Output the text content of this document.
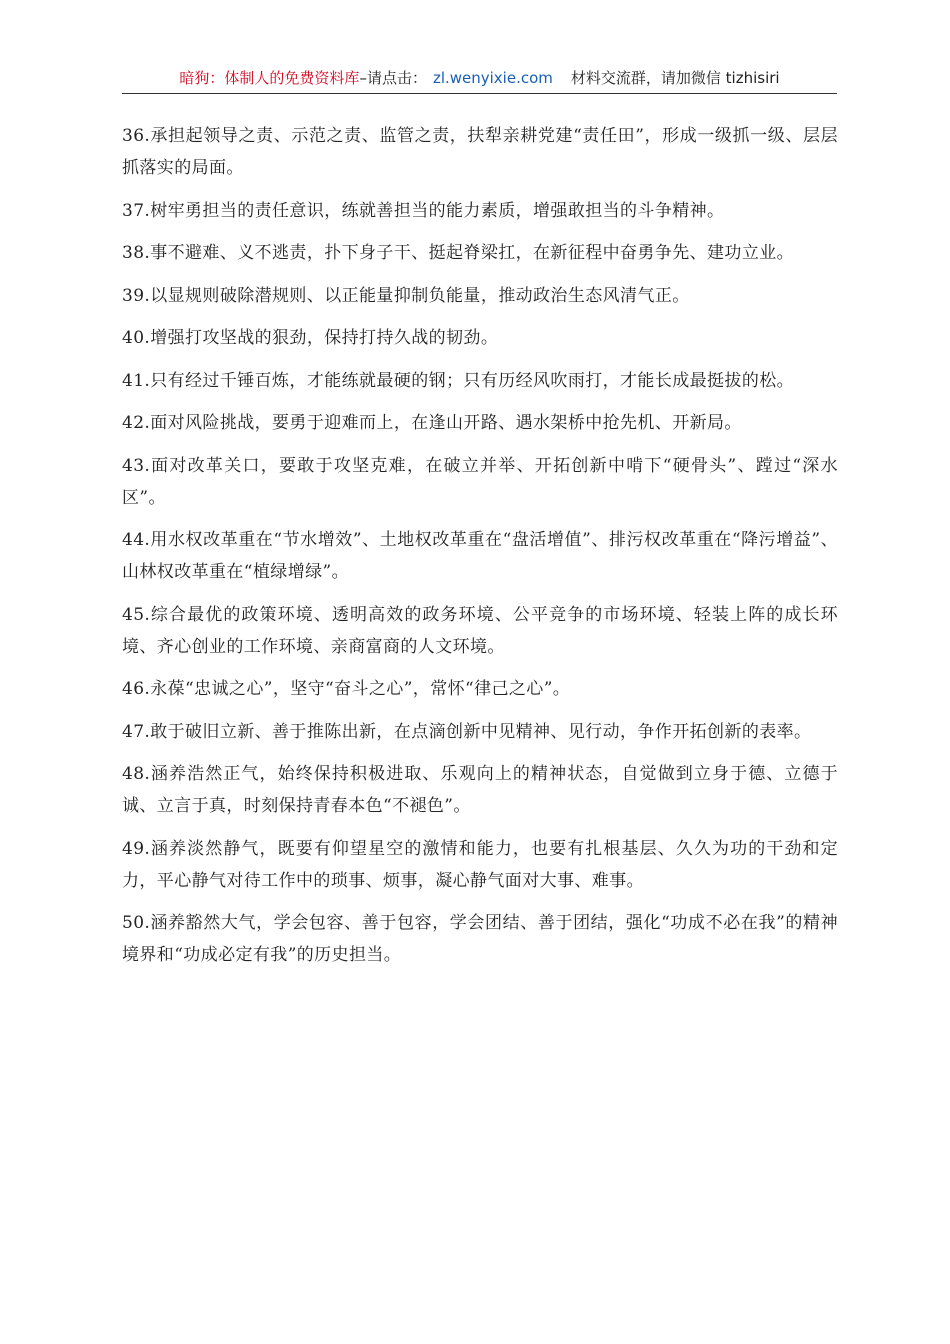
暗狗：体制人的免费资料库 –请点击： zl.wenyixie.com 材料交流群，请加微信 tizhisiri

36.承担起领导之责、示范之责、监管之责，扶犁亲耕党建“责任田”，形成一级抓一级、层层抓落实的局面。

37.树牢勇担当的责任意识，练就善担当的能力素质，增强敢担当的斗争精神。

38.事不避难、义不逃责，扑下身子干、挺起脊梁扛，在新征程中奋勇争先、建功立业。

39.以显规则破除潜规则、以正能量抑制负能量，推动政治生态风清气正。

40.增强打攻坚战的狠劲，保持打持久战的韧劲。

41.只有经过千锤百炼，才能练就最硬的钢；只有历经风吹雨打，才能长成最挺拔的松。

42.面对风险挑战，要勇于迎难而上，在逢山开路、遇水架桥中抢先机、开新局。

43.面对改革关口，要敢于攻坚克难，在破立并举、开拓创新中啃下“硬骨头”、蹚过“深水区”。

44.用水权改革重在“节水增效”、土地权改革重在“盘活增值”、排污权改革重在“降污增益”、山林权改革重在“植绿增绿”。

45.综合最优的政策环境、透明高效的政务环境、公平竞争的市场环境、轻装上阵的成长环境、齐心创业的工作环境、亲商富商的人文环境。

46.永葆“忠诚之心”，坚守“奋斗之心”，常怀“律己之心”。

47.敢于破旧立新、善于推陈出新，在点滴创新中见精神、见行动，争作开拓创新的表率。

48.涵养浩然正气，始终保持积极进取、乐观向上的精神状态，自觉做到立身于德、立德于诚、立言于真，时刻保持青春本色“不褪色”。

49.涵养淡然静气，既要有仰望星空的激情和能力，也要有扎根基层、久久为功的干劲和定力，平心静气对待工作中的琐事、烦事，凝心静气面对大事、难事。

50.涵养豁然大气，学会包容、善于包容，学会团结、善于团结，强化“功成不必在我”的精神境界和“功成必定有我”的历史担当。
